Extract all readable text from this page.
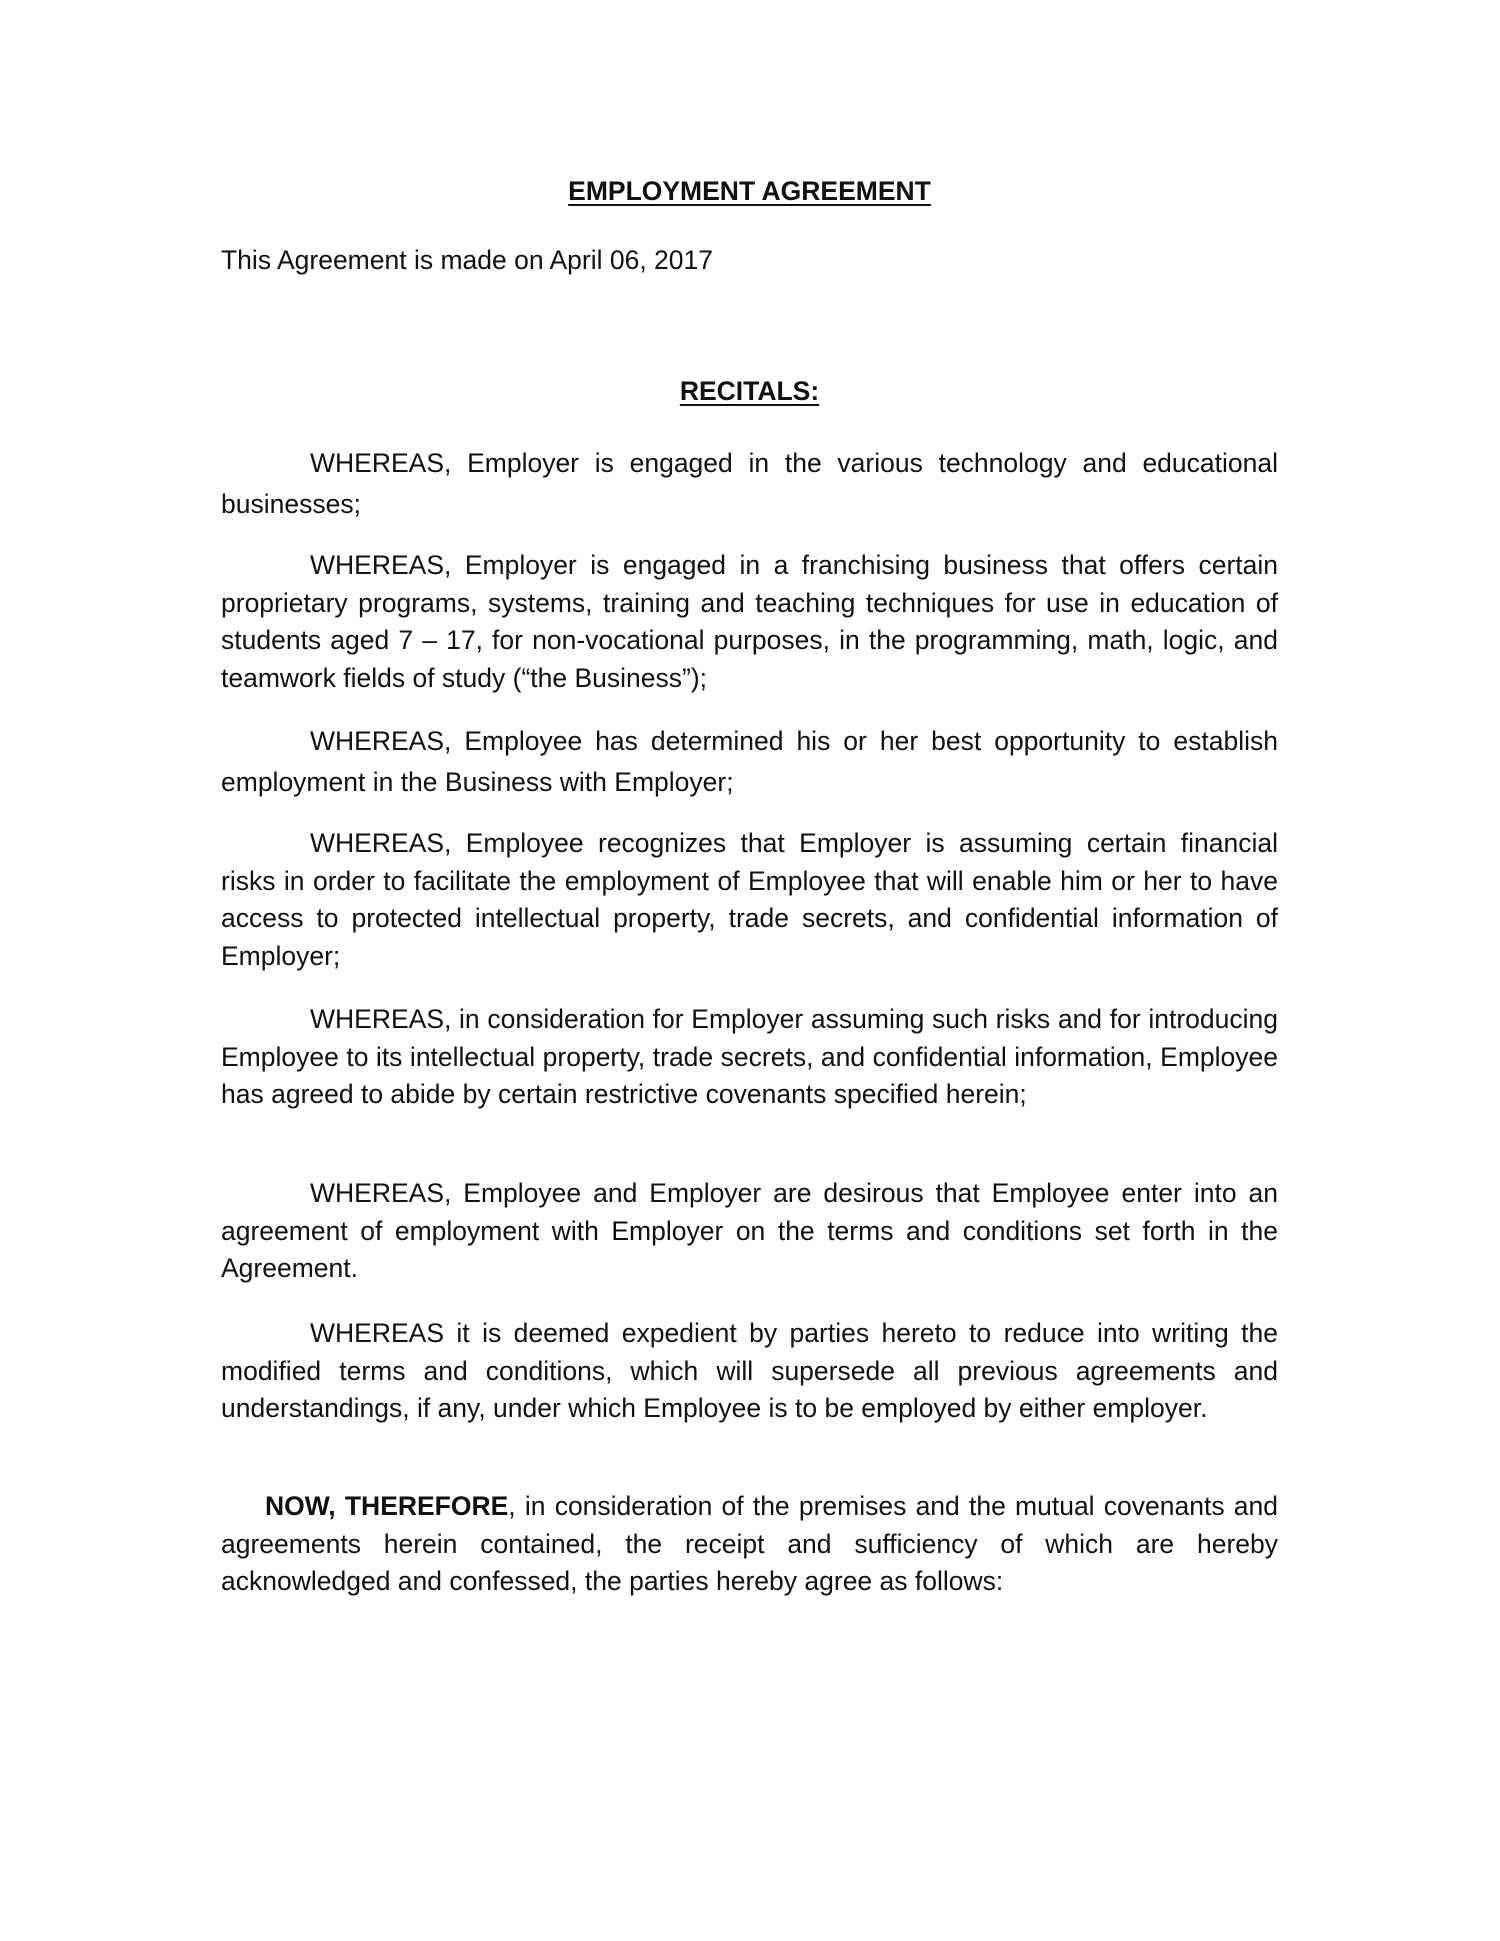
EMPLOYMENT AGREEMENT

This Agreement is made on April 06, 2017

RECITALS:

WHEREAS, Employer is engaged in the various technology and educational businesses;

WHEREAS, Employer is engaged in a franchising business that offers certain proprietary programs, systems, training and teaching techniques for use in education of students aged 7 – 17, for non-vocational purposes, in the programming, math, logic, and teamwork fields of study (“the Business”);

WHEREAS, Employee has determined his or her best opportunity to establish employment in the Business with Employer;

WHEREAS, Employee recognizes that Employer is assuming certain financial risks in order to facilitate the employment of Employee that will enable him or her to have access to protected intellectual property, trade secrets, and confidential information of Employer;

WHEREAS, in consideration for Employer assuming such risks and for introducing Employee to its intellectual property, trade secrets, and confidential information, Employee has agreed to abide by certain restrictive covenants specified herein;

WHEREAS, Employee and Employer are desirous that Employee enter into an agreement of employment with Employer on the terms and conditions set forth in the Agreement.

WHEREAS it is deemed expedient by parties hereto to reduce into writing the modified terms and conditions, which will supersede all previous agreements and understandings, if any, under which Employee is to be employed by either employer.

NOW, THEREFORE, in consideration of the premises and the mutual covenants and agreements herein contained, the receipt and sufficiency of which are hereby acknowledged and confessed, the parties hereby agree as follows:
